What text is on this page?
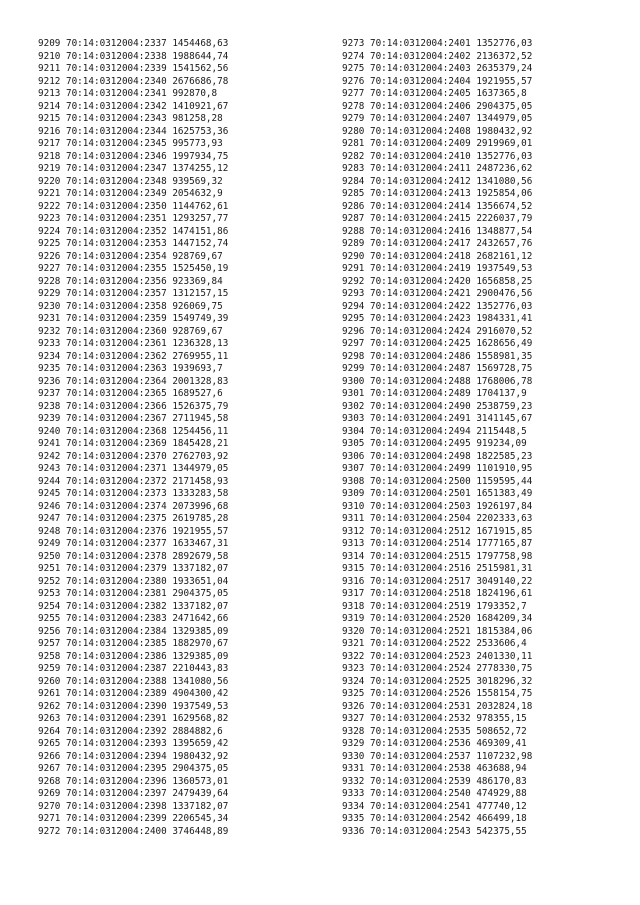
9209 70:14:0312004:2337 1454468,63
9210 70:14:0312004:2338 1988644,74
9211 70:14:0312004:2339 1541562,56
9212 70:14:0312004:2340 2676686,78
9213 70:14:0312004:2341 992870,8
9214 70:14:0312004:2342 1410921,67
9215 70:14:0312004:2343 981258,28
9216 70:14:0312004:2344 1625753,36
9217 70:14:0312004:2345 995773,93
9218 70:14:0312004:2346 1997934,75
9219 70:14:0312004:2347 1374255,12
9220 70:14:0312004:2348 939569,32
9221 70:14:0312004:2349 2054632,9
9222 70:14:0312004:2350 1144762,61
9223 70:14:0312004:2351 1293257,77
9224 70:14:0312004:2352 1474151,86
9225 70:14:0312004:2353 1447152,74
9226 70:14:0312004:2354 928769,67
9227 70:14:0312004:2355 1525450,19
9228 70:14:0312004:2356 923369,84
9229 70:14:0312004:2357 1312157,15
9230 70:14:0312004:2358 926069,75
9231 70:14:0312004:2359 1549749,39
9232 70:14:0312004:2360 928769,67
9233 70:14:0312004:2361 1236328,13
9234 70:14:0312004:2362 2769955,11
9235 70:14:0312004:2363 1939693,7
9236 70:14:0312004:2364 2001328,83
9237 70:14:0312004:2365 1689527,6
9238 70:14:0312004:2366 1526375,79
9239 70:14:0312004:2367 2711945,58
9240 70:14:0312004:2368 1254456,11
9241 70:14:0312004:2369 1845428,21
9242 70:14:0312004:2370 2762703,92
9243 70:14:0312004:2371 1344979,05
9244 70:14:0312004:2372 2171458,93
9245 70:14:0312004:2373 1333283,58
9246 70:14:0312004:2374 2073996,68
9247 70:14:0312004:2375 2619785,28
9248 70:14:0312004:2376 1921955,57
9249 70:14:0312004:2377 1633467,31
9250 70:14:0312004:2378 2892679,58
9251 70:14:0312004:2379 1337182,07
9252 70:14:0312004:2380 1933651,04
9253 70:14:0312004:2381 2904375,05
9254 70:14:0312004:2382 1337182,07
9255 70:14:0312004:2383 2471642,66
9256 70:14:0312004:2384 1329385,09
9257 70:14:0312004:2385 1882970,67
9258 70:14:0312004:2386 1329385,09
9259 70:14:0312004:2387 2210443,83
9260 70:14:0312004:2388 1341080,56
9261 70:14:0312004:2389 4904300,42
9262 70:14:0312004:2390 1937549,53
9263 70:14:0312004:2391 1629568,82
9264 70:14:0312004:2392 2884882,6
9265 70:14:0312004:2393 1395659,42
9266 70:14:0312004:2394 1980432,92
9267 70:14:0312004:2395 2904375,05
9268 70:14:0312004:2396 1360573,01
9269 70:14:0312004:2397 2479439,64
9270 70:14:0312004:2398 1337182,07
9271 70:14:0312004:2399 2206545,34
9272 70:14:0312004:2400 3746448,89
9273 70:14:0312004:2401 1352776,03
9274 70:14:0312004:2402 2136372,52
9275 70:14:0312004:2403 2635379,24
9276 70:14:0312004:2404 1921955,57
9277 70:14:0312004:2405 1637365,8
9278 70:14:0312004:2406 2904375,05
9279 70:14:0312004:2407 1344979,05
9280 70:14:0312004:2408 1980432,92
9281 70:14:0312004:2409 2919969,01
9282 70:14:0312004:2410 1352776,03
9283 70:14:0312004:2411 2487236,62
9284 70:14:0312004:2412 1341080,56
9285 70:14:0312004:2413 1925854,06
9286 70:14:0312004:2414 1356674,52
9287 70:14:0312004:2415 2226037,79
9288 70:14:0312004:2416 1348877,54
9289 70:14:0312004:2417 2432657,76
9290 70:14:0312004:2418 2682161,12
9291 70:14:0312004:2419 1937549,53
9292 70:14:0312004:2420 1656858,25
9293 70:14:0312004:2421 2900476,56
9294 70:14:0312004:2422 1352776,03
9295 70:14:0312004:2423 1984331,41
9296 70:14:0312004:2424 2916070,52
9297 70:14:0312004:2425 1628656,49
9298 70:14:0312004:2486 1558981,35
9299 70:14:0312004:2487 1569728,75
9300 70:14:0312004:2488 1768006,78
9301 70:14:0312004:2489 1704137,9
9302 70:14:0312004:2490 2538759,23
9303 70:14:0312004:2491 3141145,67
9304 70:14:0312004:2494 2115448,5
9305 70:14:0312004:2495 919234,09
9306 70:14:0312004:2498 1822585,23
9307 70:14:0312004:2499 1101910,95
9308 70:14:0312004:2500 1159595,44
9309 70:14:0312004:2501 1651383,49
9310 70:14:0312004:2503 1926197,84
9311 70:14:0312004:2504 2202333,63
9312 70:14:0312004:2512 1671915,85
9313 70:14:0312004:2514 1777165,87
9314 70:14:0312004:2515 1797758,98
9315 70:14:0312004:2516 2515981,31
9316 70:14:0312004:2517 3049140,22
9317 70:14:0312004:2518 1824196,61
9318 70:14:0312004:2519 1793352,7
9319 70:14:0312004:2520 1684209,34
9320 70:14:0312004:2521 1815384,06
9321 70:14:0312004:2522 2533606,4
9322 70:14:0312004:2523 2401330,11
9323 70:14:0312004:2524 2778330,75
9324 70:14:0312004:2525 3018296,32
9325 70:14:0312004:2526 1558154,75
9326 70:14:0312004:2531 2032824,18
9327 70:14:0312004:2532 978355,15
9328 70:14:0312004:2535 508652,72
9329 70:14:0312004:2536 469309,41
9330 70:14:0312004:2537 1107232,98
9331 70:14:0312004:2538 463688,94
9332 70:14:0312004:2539 486170,83
9333 70:14:0312004:2540 474929,88
9334 70:14:0312004:2541 477740,12
9335 70:14:0312004:2542 466499,18
9336 70:14:0312004:2543 542375,55
